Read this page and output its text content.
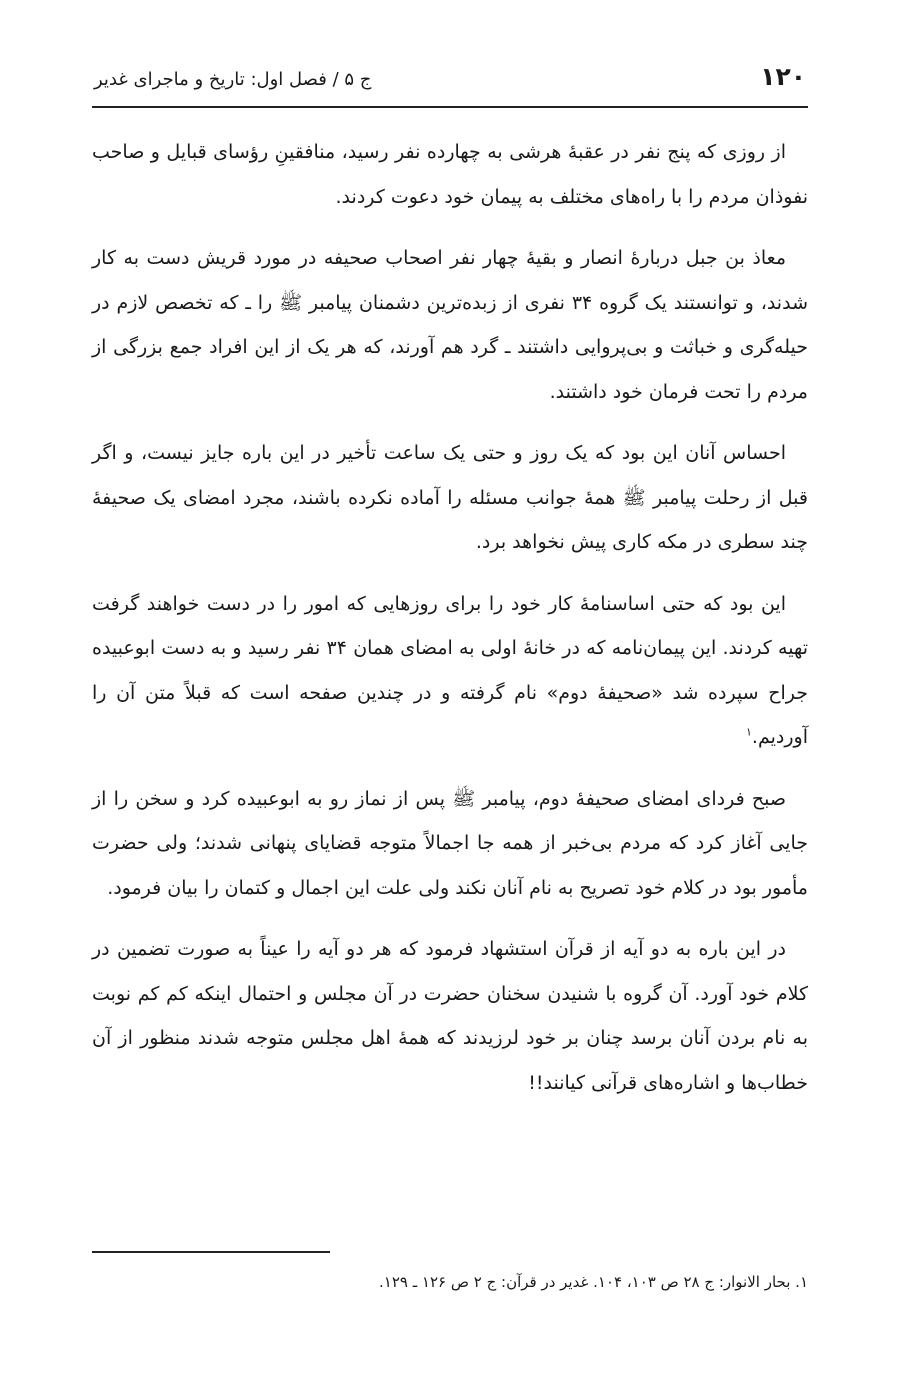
۱۲۰
ج ۵ / فصل اول: تاریخ و ماجرای غدیر

از روزی که پنج نفر در عقبهٔ هرشی به چهارده نفر رسید، منافقینِ رؤسای قبایل و صاحب نفوذان مردم را با راه‌های مختلف به پیمان خود دعوت کردند.

معاذ بن جبل دربارهٔ انصار و بقیهٔ چهار نفر اصحاب صحیفه در مورد قریش دست به کار شدند، و توانستند یک گروه ۳۴ نفری از زبده‌ترین دشمنان پیامبر ﷺ را ـ که تخصص لازم در حیله‌گری و خباثت و بی‌پروایی داشتند ـ گرد هم آورند، که هر یک از این افراد جمع بزرگی از مردم را تحت فرمان خود داشتند.

احساس آنان این بود که یک روز و حتی یک ساعت تأخیر در این باره جایز نیست، و اگر قبل از رحلت پیامبر ﷺ همهٔ جوانب مسئله را آماده نکرده باشند، مجرد امضای یک صحیفهٔ چند سطری در مکه کاری پیش نخواهد برد.

این بود که حتی اساسنامهٔ کار خود را برای روزهایی که امور را در دست خواهند گرفت تهیه کردند. این پیمان‌نامه که در خانهٔ اولی به امضای همان ۳۴ نفر رسید و به دست ابوعبیده جراح سپرده شد «صحیفهٔ دوم» نام گرفته و در چندین صفحه است که قبلاً متن آن را آوردیم.$^۱$

صبح فردای امضای صحیفهٔ دوم، پیامبر ﷺ پس از نماز رو به ابوعبیده کرد و سخن را از جایی آغاز کرد که مردم بی‌خبر از همه جا اجمالاً متوجه قضایای پنهانی شدند؛ ولی حضرت مأمور بود در کلام خود تصریح به نام آنان نکند ولی علت این اجمال و کتمان را بیان فرمود.

در این باره به دو آیه از قرآن استشهاد فرمود که هر دو آیه را عیناً به صورت تضمین در کلام خود آورد. آن گروه با شنیدن سخنان حضرت در آن مجلس و احتمال اینکه کم کم نوبت به نام بردن آنان برسد چنان بر خود لرزیدند که همهٔ اهل مجلس متوجه شدند منظور از آن خطاب‌ها و اشاره‌های قرآنی کیانند!!

۱. بحار الانوار: ج ۲۸ ص ۱۰۳، ۱۰۴. غدیر در قرآن: ج ۲ ص ۱۲۶ ـ ۱۲۹.
